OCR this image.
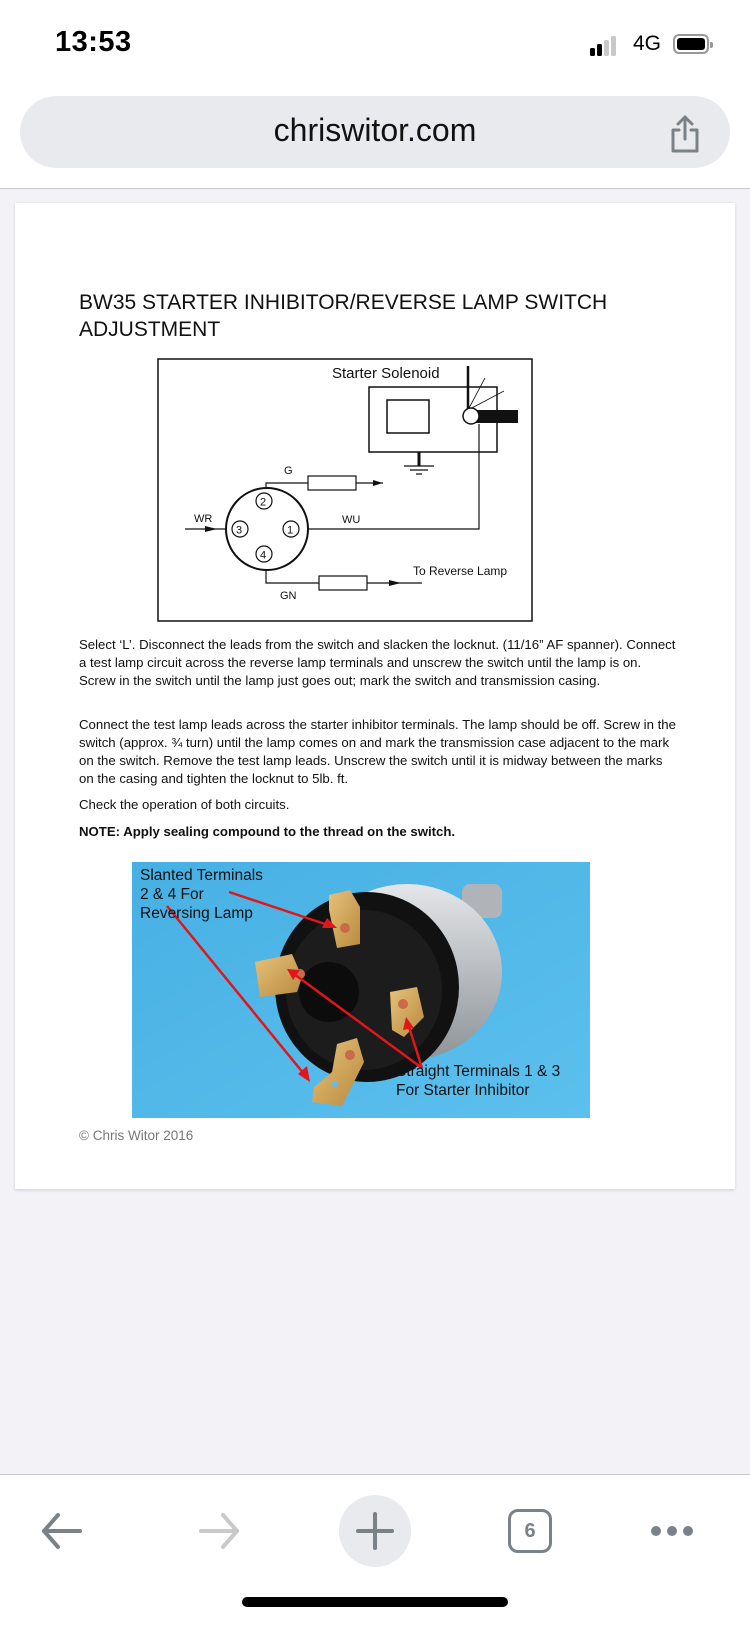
13:53	4G
chriswitor.com
BW35 STARTER INHIBITOR/REVERSE LAMP SWITCH ADJUSTMENT
Starter Solenoid
WU
G
WR
GN
To Reverse Lamp
2
3	1
4

Select ‘L’. Disconnect the leads from the switch and slacken the locknut. (11/16” AF spanner). Connect a test lamp circuit across the reverse lamp terminals and unscrew the switch until the lamp is on. Screw in the switch until the lamp just goes out; mark the switch and transmission casing.

Connect the test lamp leads across the starter inhibitor terminals. The lamp should be off. Screw in the switch (approx. ¾ turn) until the lamp comes on and mark the transmission case adjacent to the mark on the switch. Remove the test lamp leads. Unscrew the switch until it is midway between the marks on the casing and tighten the locknut to 5lb. ft.

Check the operation of both circuits.

NOTE: Apply sealing compound to the thread on the switch.

Slanted Terminals
2 & 4 For
Reversing Lamp
Straight Terminals 1 & 3
For Starter Inhibitor
© Chris Witor 2016
6
